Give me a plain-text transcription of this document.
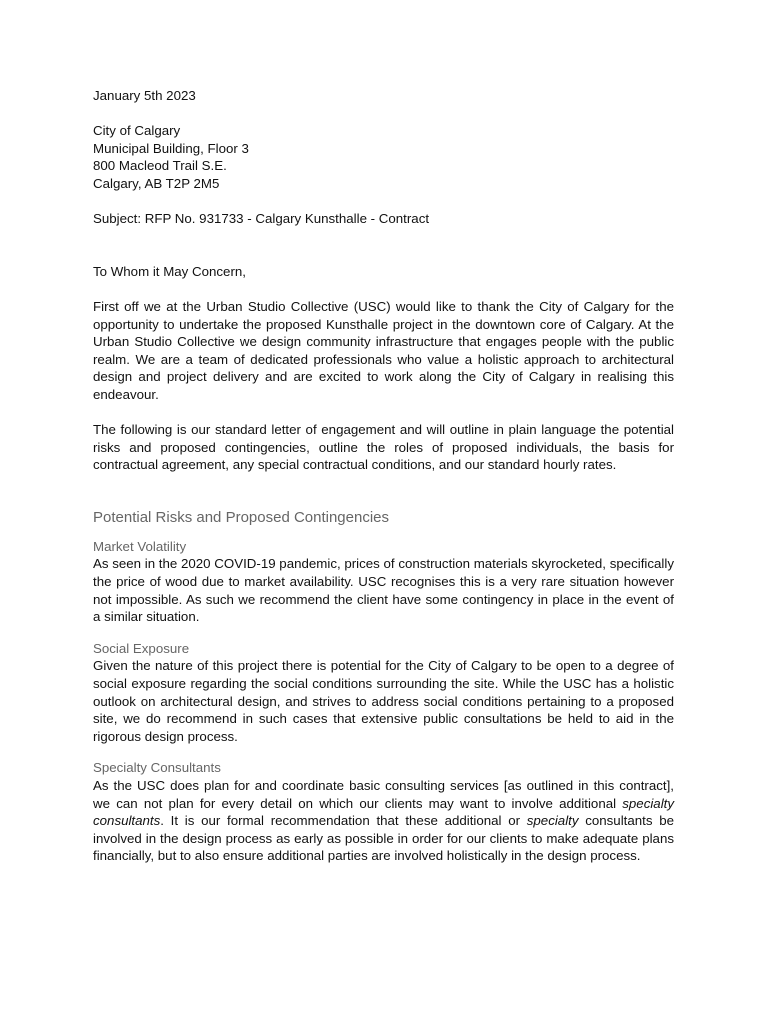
January 5th 2023

City of Calgary

Municipal Building, Floor 3

800 Macleod Trail S.E.

Calgary, AB T2P 2M5

Subject: RFP No. 931733 - Calgary Kunsthalle - Contract

To Whom it May Concern,

First off we at the Urban Studio Collective (USC) would like to thank the City of Calgary for the opportunity to undertake the proposed Kunsthalle project in the downtown core of Calgary. At the Urban Studio Collective we design community infrastructure that engages people with the public realm. We are a team of dedicated professionals who value a holistic approach to architectural design and project delivery and are excited to work along the City of Calgary in realising this endeavour.

The following is our standard letter of engagement and will outline in plain language the potential risks and proposed contingencies, outline the roles of proposed individuals, the basis for contractual agreement, any special contractual conditions, and our standard hourly rates.

Potential Risks and Proposed Contingencies

Market Volatility

As seen in the 2020 COVID-19 pandemic, prices of construction materials skyrocketed, specifically the price of wood due to market availability. USC recognises this is a very rare situation however not impossible. As such we recommend the client have some contingency in place in the event of a similar situation.

Social Exposure

Given the nature of this project there is potential for the City of Calgary to be open to a degree of social exposure regarding the social conditions surrounding the site. While the USC has a holistic outlook on architectural design, and strives to address social conditions pertaining to a proposed site, we do recommend in such cases that extensive public consultations be held to aid in the rigorous design process.

Specialty Consultants

As the USC does plan for and coordinate basic consulting services [as outlined in this contract], we can not plan for every detail on which our clients may want to involve additional specialty consultants. It is our formal recommendation that these additional or specialty consultants be involved in the design process as early as possible in order for our clients to make adequate plans financially, but to also ensure additional parties are involved holistically in the design process.
